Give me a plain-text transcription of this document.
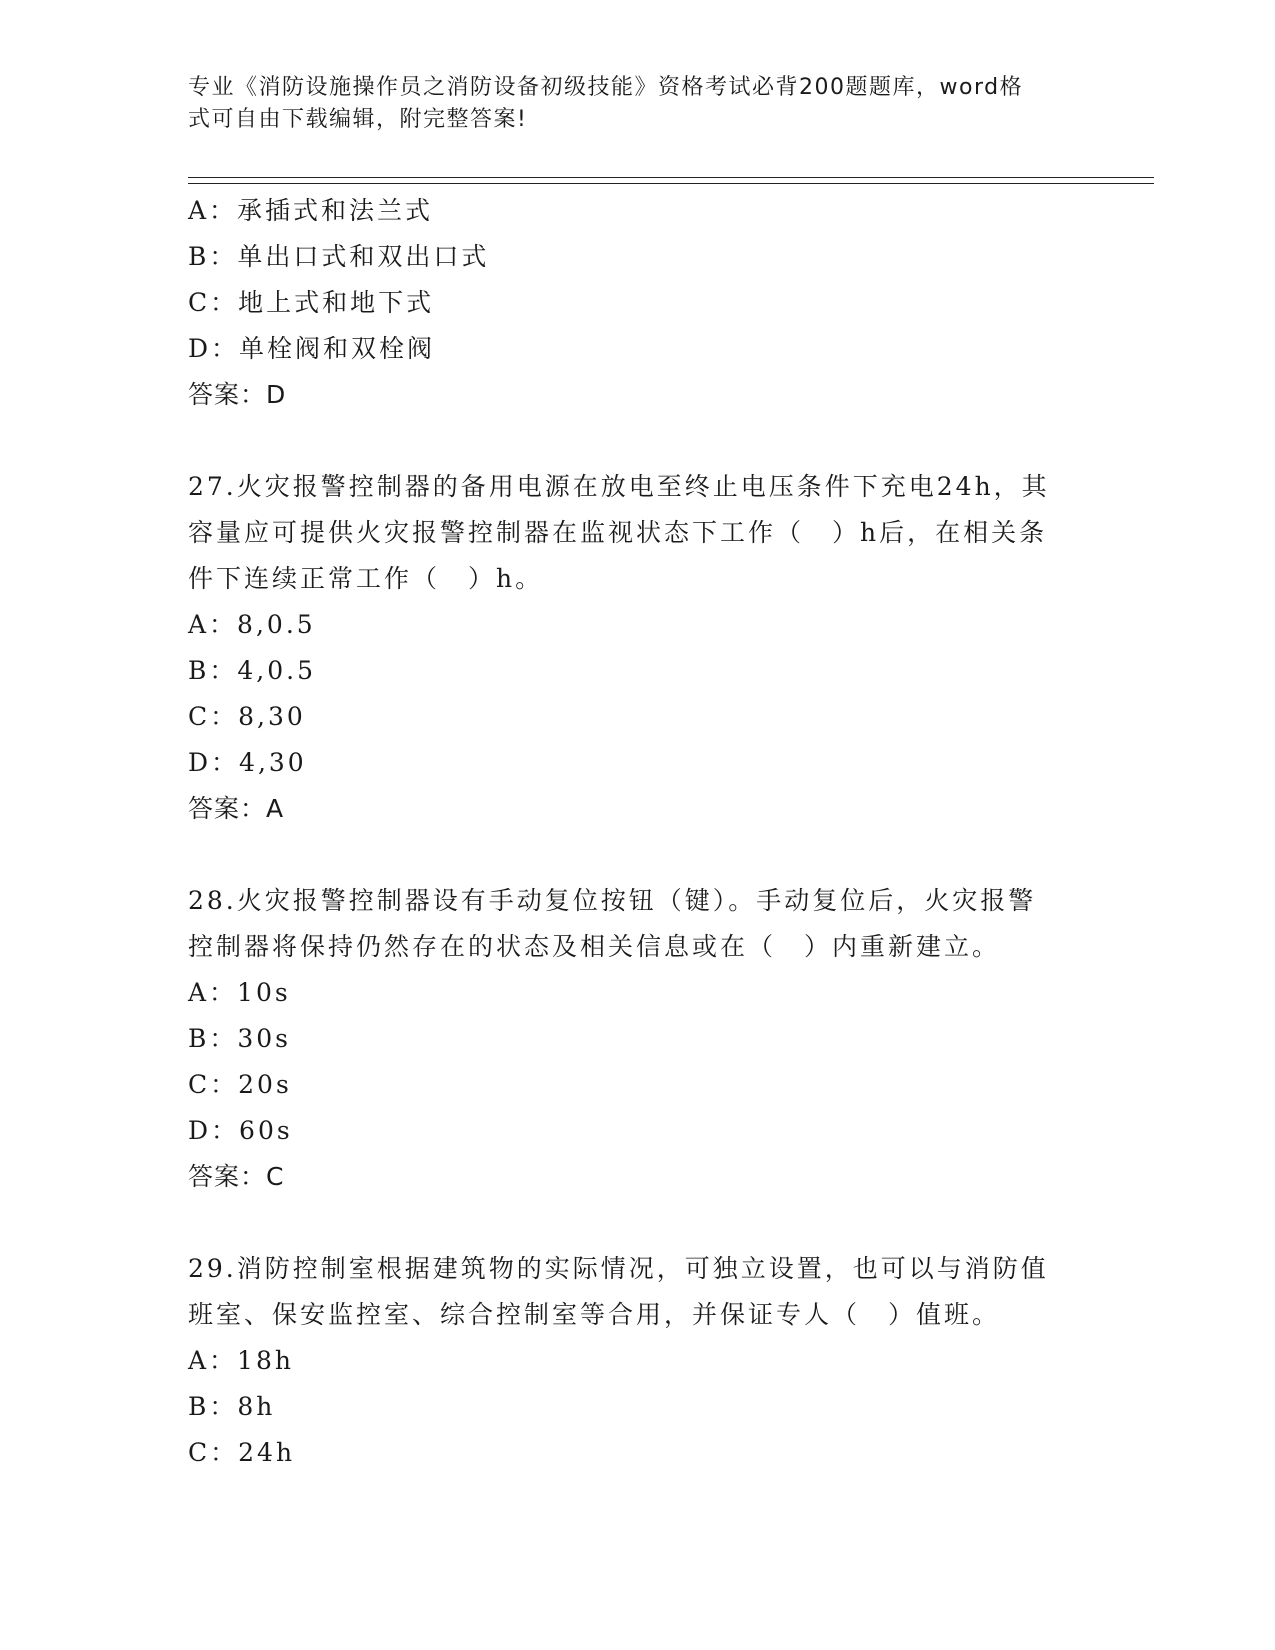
专业《消防设施操作员之消防设备初级技能》资格考试必背200题题库，word格
式可自由下载编辑，附完整答案!
A：承插式和法兰式
B：单出口式和双出口式
C：地上式和地下式
D：单栓阀和双栓阀
答案：D
27.火灾报警控制器的备用电源在放电至终止电压条件下充电24h，其
容量应可提供火灾报警控制器在监视状态下工作（　）h后，在相关条
件下连续正常工作（　）h。
A：8,0.5
B：4,0.5
C：8,30
D：4,30
答案：A
28.火灾报警控制器设有手动复位按钮（键）。手动复位后，火灾报警
控制器将保持仍然存在的状态及相关信息或在（　）内重新建立。
A：10s
B：30s
C：20s
D：60s
答案：C
29.消防控制室根据建筑物的实际情况，可独立设置，也可以与消防值
班室、保安监控室、综合控制室等合用，并保证专人（　）值班。
A：18h
B：8h
C：24h
